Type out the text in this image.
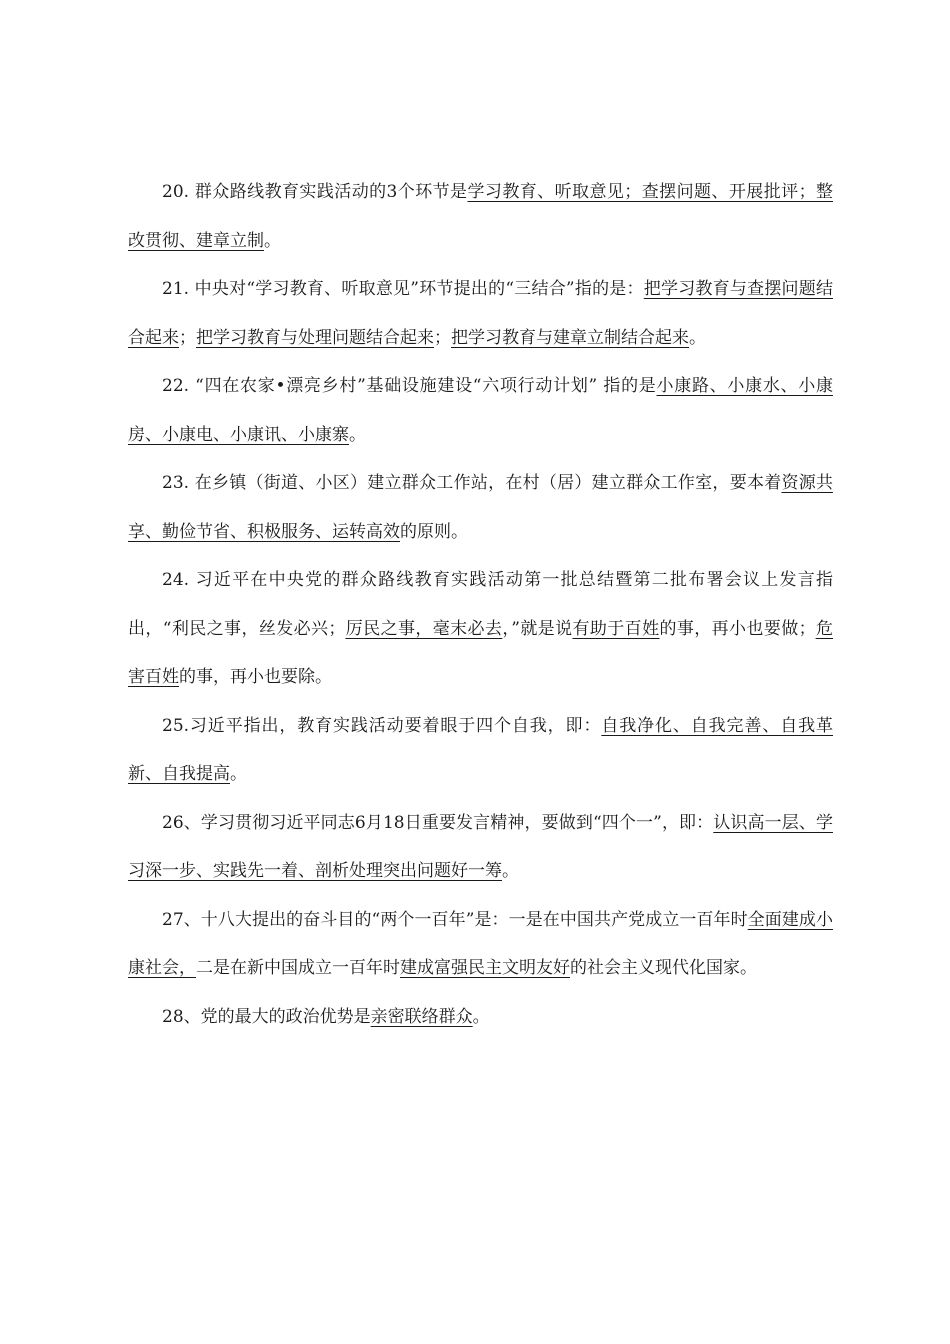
20. 群众路线教育实践活动的3个环节是学习教育、听取意见；查摆问题、开展批评；整改贯彻、建章立制。

21. 中央对“学习教育、听取意见”环节提出的“三结合”指的是：把学习教育与查摆问题结合起来；把学习教育与处理问题结合起来；把学习教育与建章立制结合起来。

22. “四在农家•漂亮乡村”基础设施建设“六项行动计划” 指的是小康路、小康水、小康房、小康电、小康讯、小康寨。

23. 在乡镇（街道、小区）建立群众工作站，在村（居）建立群众工作室，要本着资源共享、勤俭节省、积极服务、运转高效的原则。

24. 习近平在中央党的群众路线教育实践活动第一批总结暨第二批布署会议上发言指出，“利民之事，丝发必兴；厉民之事，毫末必去，”就是说有助于百姓的事，再小也要做；危害百姓的事，再小也要除。

25.习近平指出，教育实践活动要着眼于四个自我，即：自我净化、自我完善、自我革新、自我提高。

26、学习贯彻习近平同志6月18日重要发言精神，要做到“四个一”，即：认识高一层、学习深一步、实践先一着、剖析处理突出问题好一筹。

27、十八大提出的奋斗目的“两个一百年”是：一是在中国共产党成立一百年时全面建成小康社会，二是在新中国成立一百年时建成富强民主文明友好的社会主义现代化国家。

28、党的最大的政治优势是亲密联络群众。
